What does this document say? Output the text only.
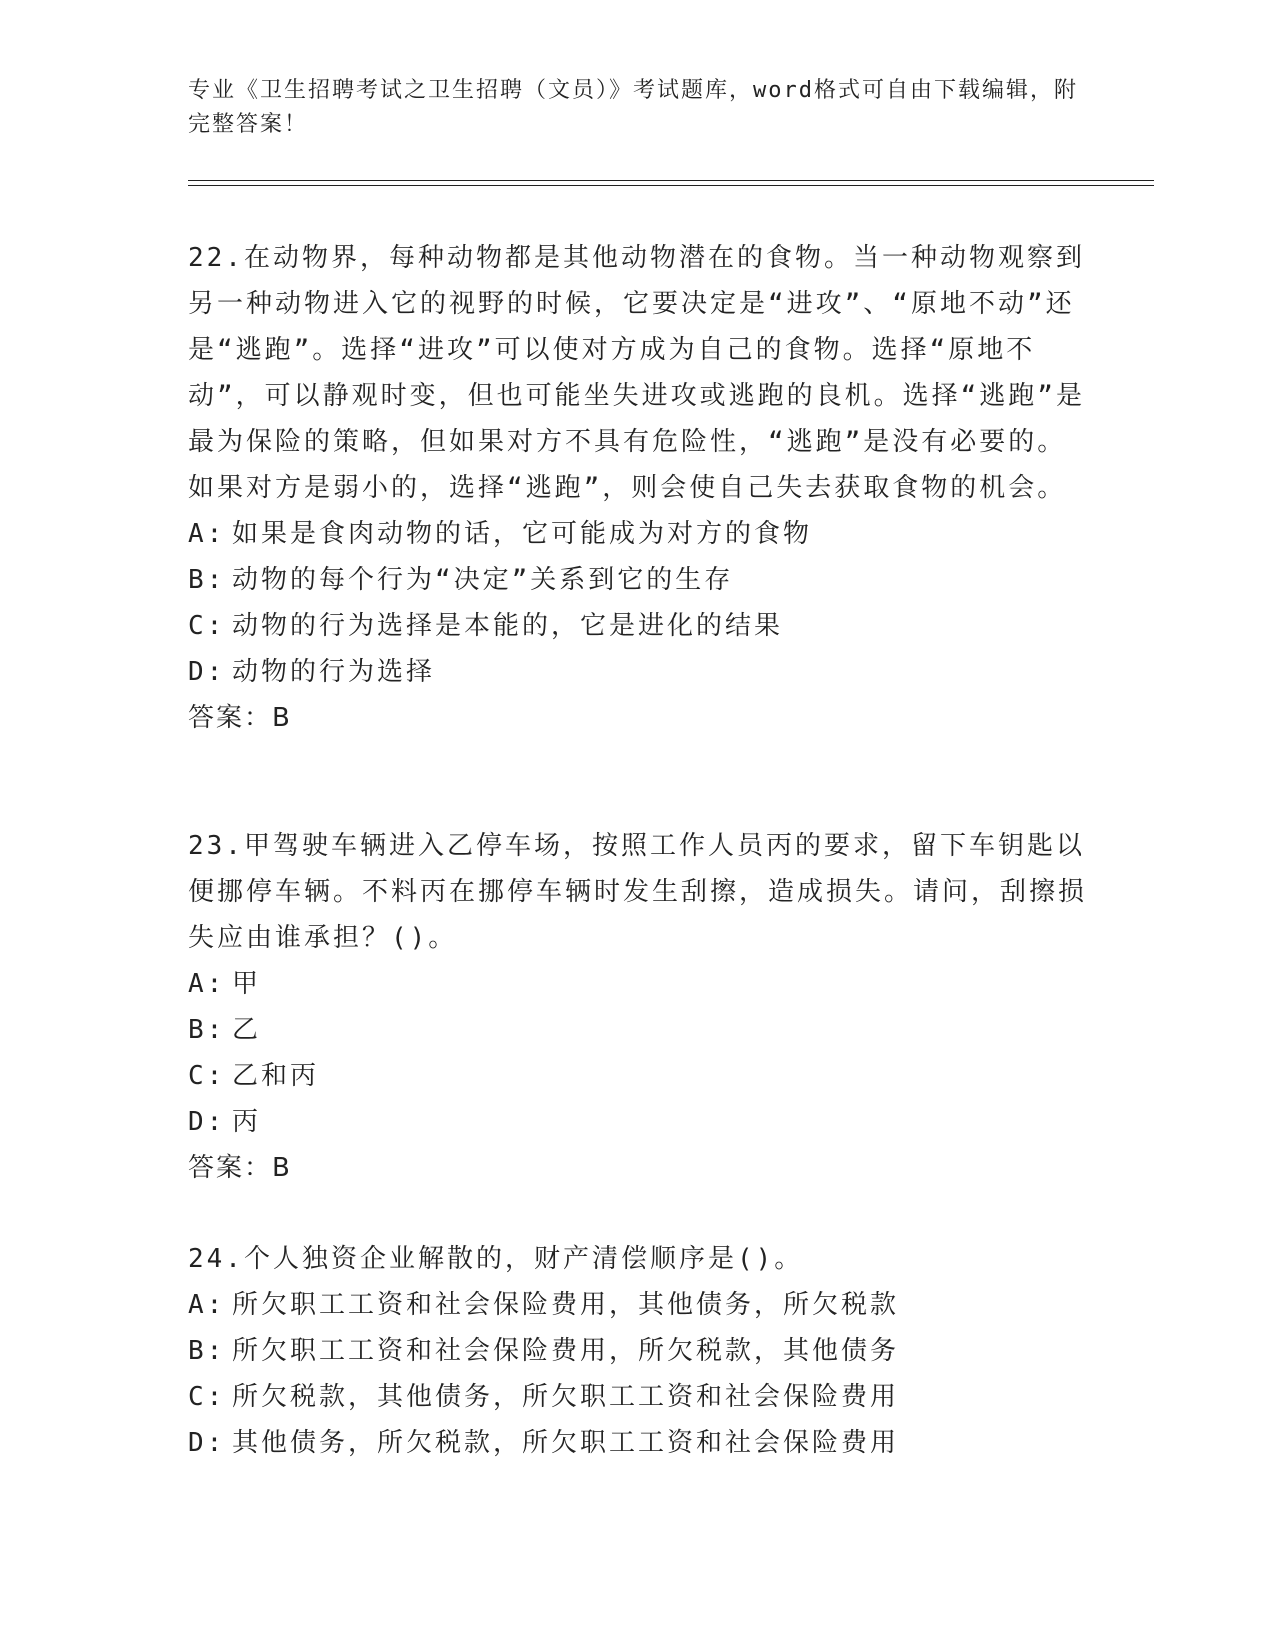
专业《卫生招聘考试之卫生招聘（文员）》考试题库，word格式可自由下载编辑，附完整答案！
22.在动物界，每种动物都是其他动物潜在的食物。当一种动物观察到另一种动物进入它的视野的时候，它要决定是“进攻”、“原地不动”还是“逃跑”。选择“进攻”可以使对方成为自己的食物。选择“原地不动”，可以静观时变，但也可能坐失进攻或逃跑的良机。选择“逃跑”是最为保险的策略，但如果对方不具有危险性，“逃跑”是没有必要的。如果对方是弱小的，选择“逃跑”，则会使自己失去获取食物的机会。
A: 如果是食肉动物的话，它可能成为对方的食物
B: 动物的每个行为“决定”关系到它的生存
C: 动物的行为选择是本能的，它是进化的结果
D: 动物的行为选择
答案：B
23.甲驾驶车辆进入乙停车场，按照工作人员丙的要求，留下车钥匙以便挪停车辆。不料丙在挪停车辆时发生刮擦，造成损失。请问，刮擦损失应由谁承担？()。
A: 甲
B: 乙
C: 乙和丙
D: 丙
答案：B
24.个人独资企业解散的，财产清偿顺序是()。
A: 所欠职工工资和社会保险费用，其他债务，所欠税款
B: 所欠职工工资和社会保险费用，所欠税款，其他债务
C: 所欠税款，其他债务，所欠职工工资和社会保险费用
D: 其他债务，所欠税款，所欠职工工资和社会保险费用
